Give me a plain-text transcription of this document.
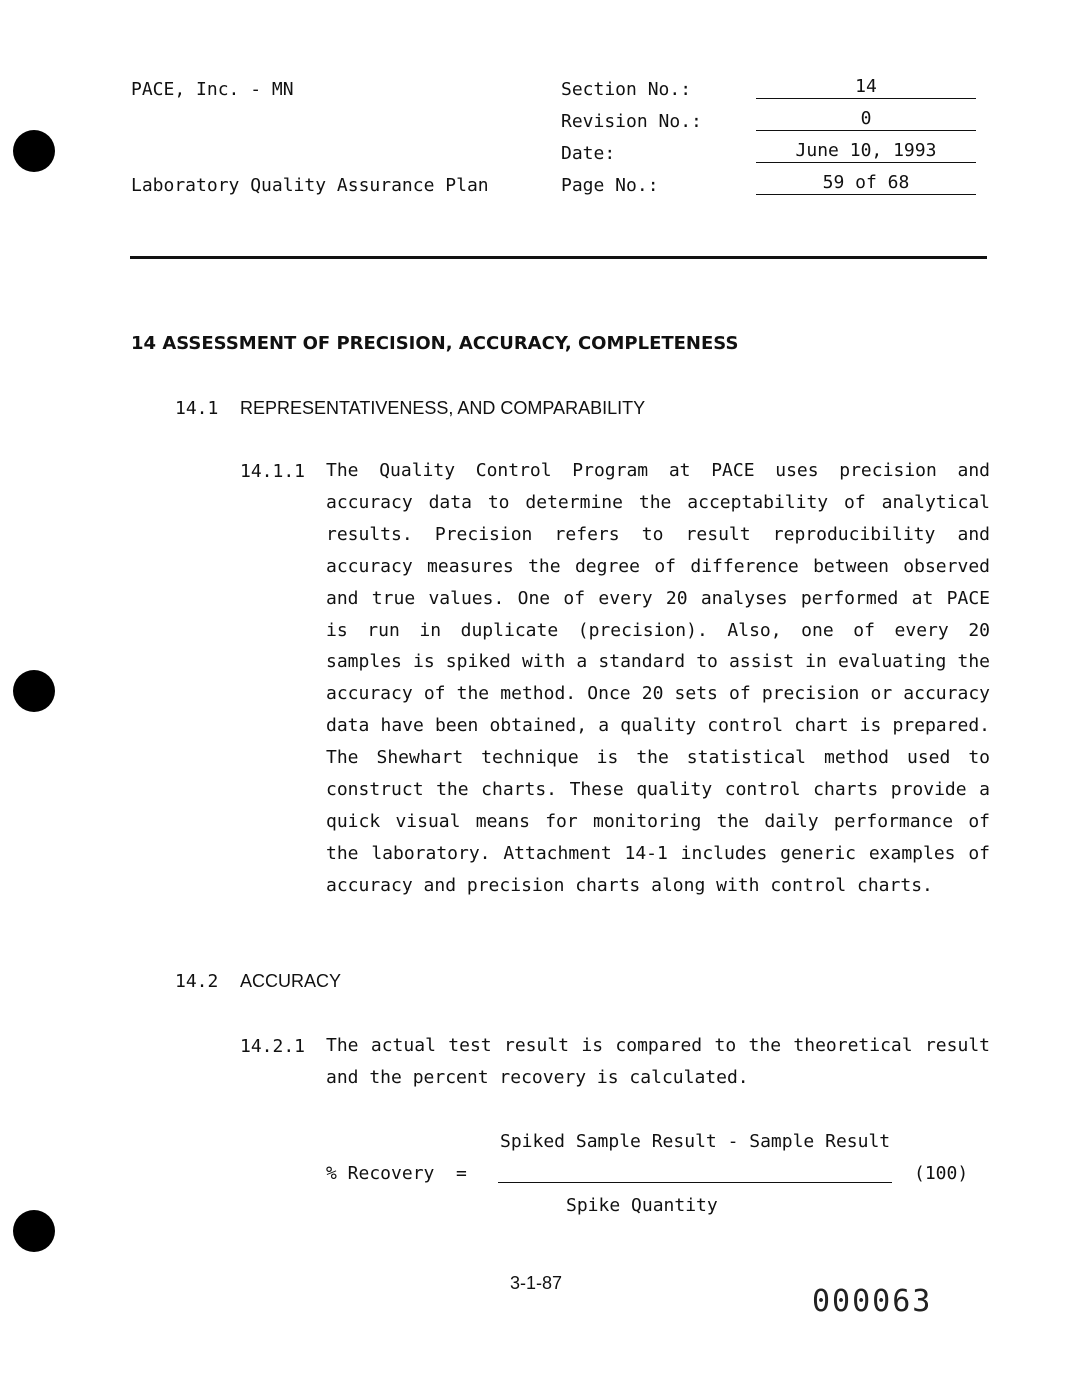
PACE, Inc. - MN
Laboratory Quality Assurance Plan
Section No.:	14
Revision No.:	0
Date:	June 10, 1993
Page No.:	59 of 68
14 ASSESSMENT OF PRECISION, ACCURACY, COMPLETENESS
14.1 REPRESENTATIVENESS, AND COMPARABILITY
14.1.1 The Quality Control Program at PACE uses precision and accuracy data to determine the acceptability of analytical results. Precision refers to result reproducibility and accuracy measures the degree of difference between observed and true values. One of every 20 analyses performed at PACE is run in duplicate (precision). Also, one of every 20 samples is spiked with a standard to assist in evaluating the accuracy of the method. Once 20 sets of precision or accuracy data have been obtained, a quality control chart is prepared. The Shewhart technique is the statistical method used to construct the charts. These quality control charts provide a quick visual means for monitoring the daily performance of the laboratory. Attachment 14-1 includes generic examples of accuracy and precision charts along with control charts.
14.2 ACCURACY
14.2.1 The actual test result is compared to the theoretical result and the percent recovery is calculated.
Spiked Sample Result - Sample Result
% Recovery =	(100)
Spike Quantity
3-1-87
000063
